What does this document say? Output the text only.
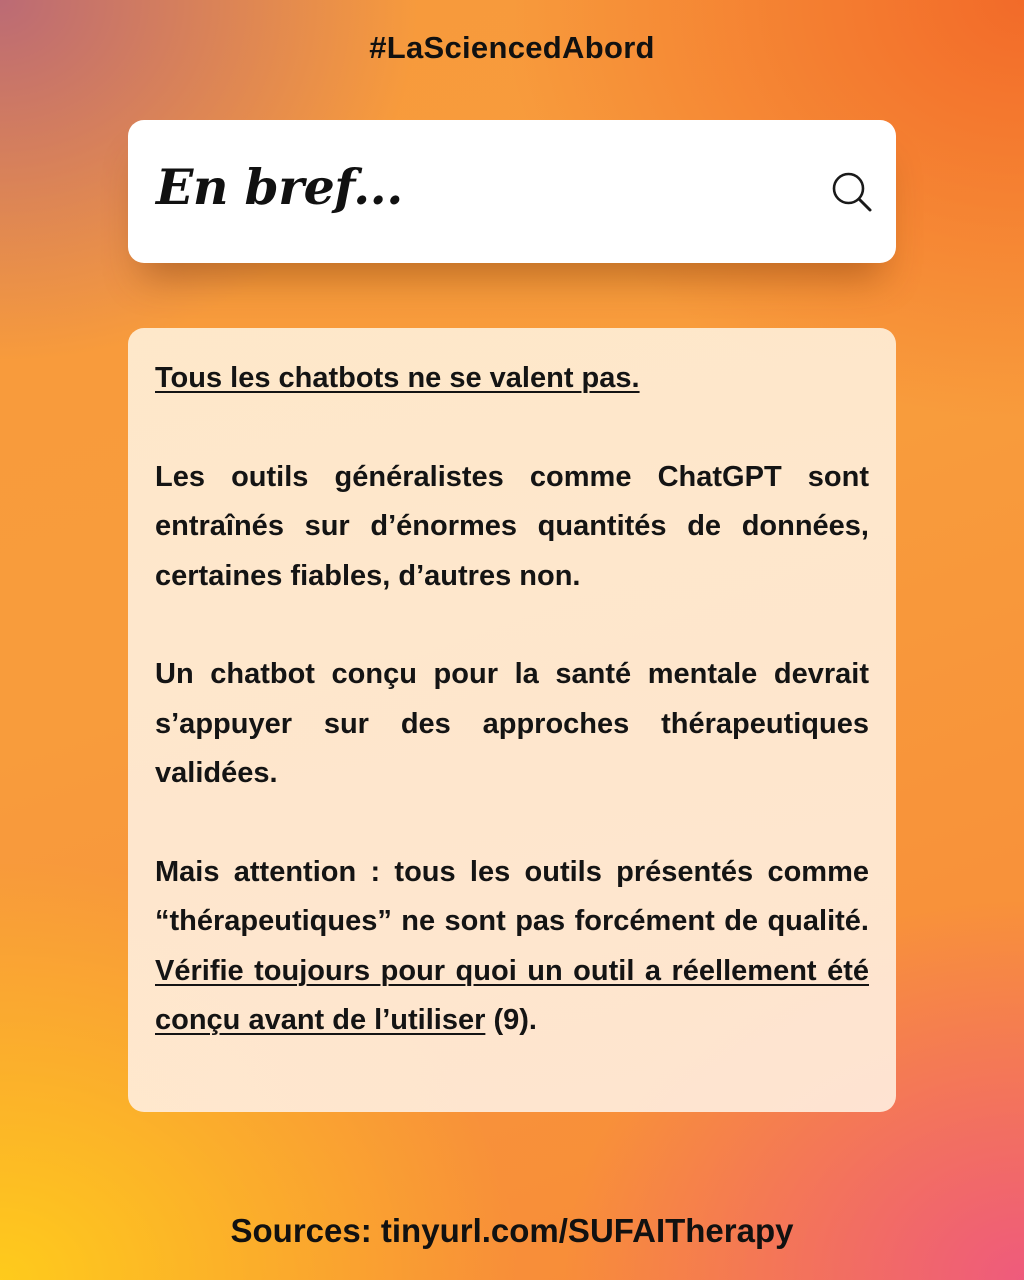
#LaSciencedAbord
En bref...

Tous les chatbots ne se valent pas.

Les outils généralistes comme ChatGPT sont entraînés sur d’énormes quantités de données, certaines fiables, d’autres non.

Un chatbot conçu pour la santé mentale devrait s’appuyer sur des approches thérapeutiques validées.

Mais attention : tous les outils présentés comme “thérapeutiques” ne sont pas forcément de qualité. Vérifie toujours pour quoi un outil a réellement été conçu avant de l’utiliser (9).

Sources: tinyurl.com/SUFAITherapy
